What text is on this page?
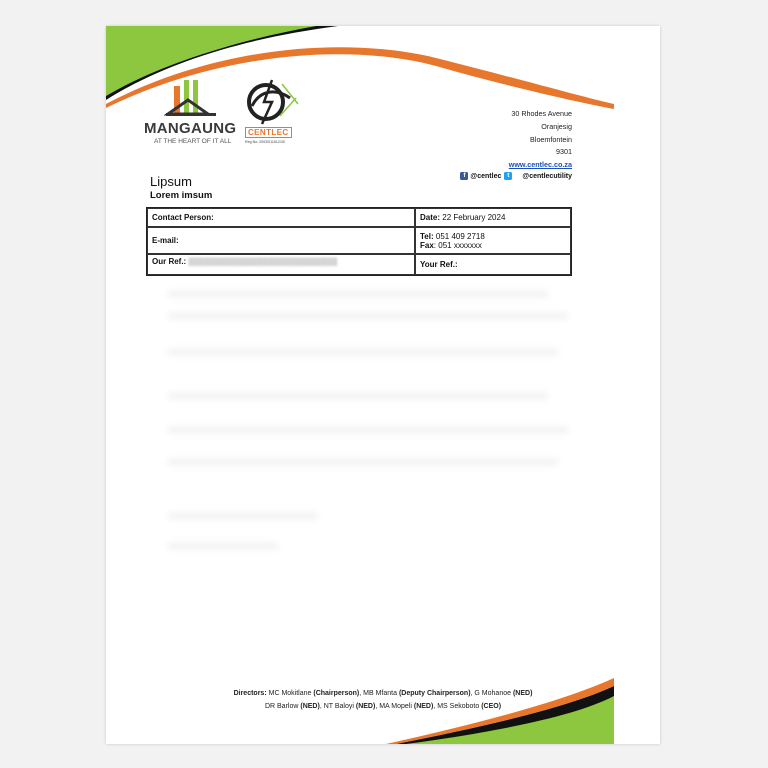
MANGAUNG
AT THE HEART OF IT ALL
CENTLEC
Reg No: 2003/011612/30
30 Rhodes Avenue
Oranjesig
Bloemfontein
9301
www.centlec.co.za
f @centlec t	@centlecutility
Lipsum
Lorem imsum
Contact Person:	Date: 22 February 2024
E-mail:	Tel: 051 409 2718
Fax: 051 xxxxxxx

Our Ref.: ██████████████████████████████	Your Ref.:
Directors: MC Mokitlane (Chairperson), MB Mfanta (Deputy Chairperson), G Mohanoe (NED)
DR Barlow (NED), NT Baloyi (NED), MA Mopeli (NED), MS Sekoboto (CEO)
